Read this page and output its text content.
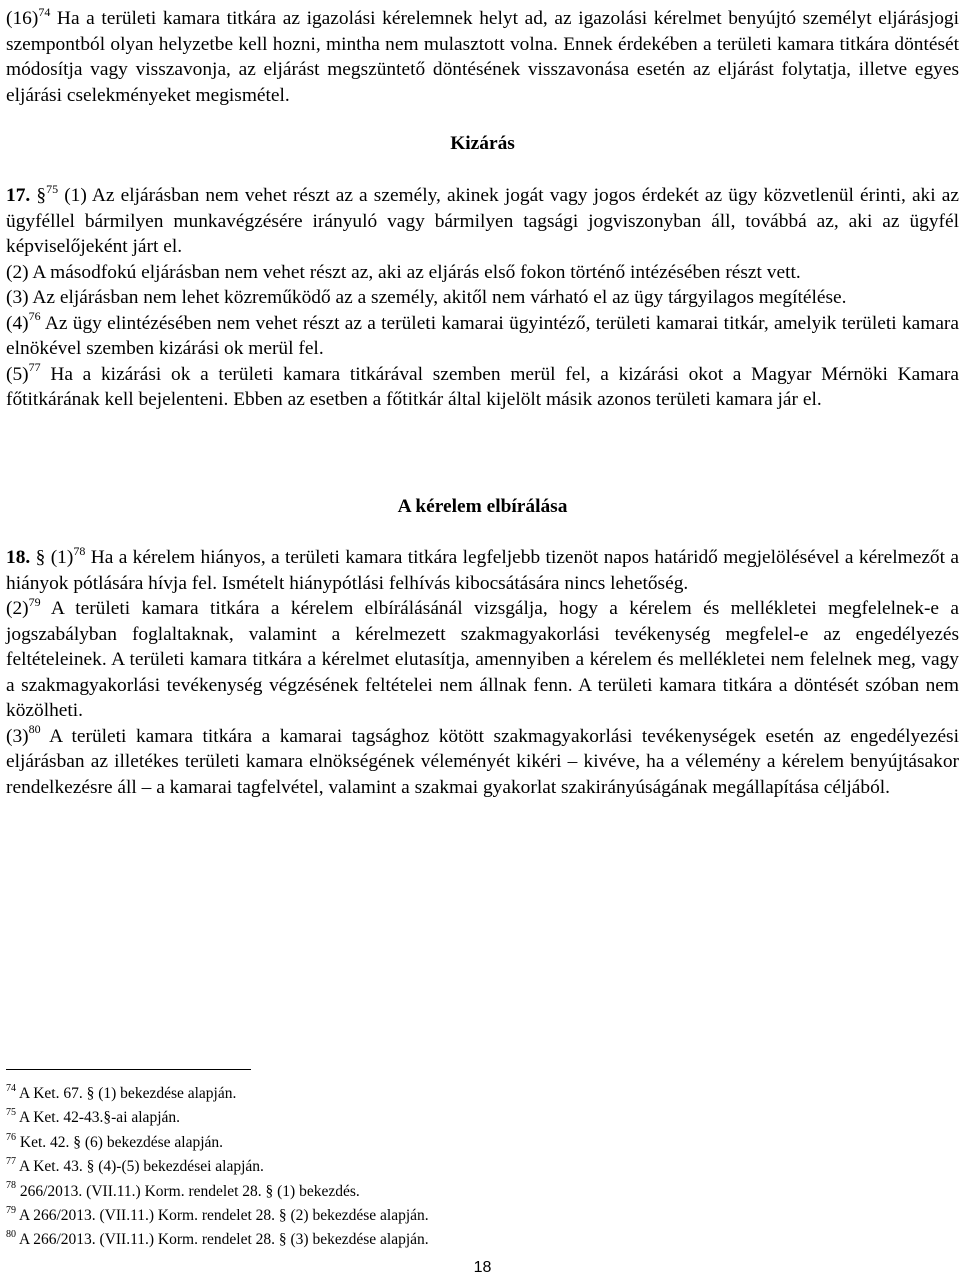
$(16)^{74}$ Ha a területi kamara titkára az igazolási kérelemnek helyt ad, az igazolási kérelmet benyújtó személyt eljárásjogi szempontból olyan helyzetbe kell hozni, mintha nem mulasztott volna. Ennek érdekében a területi kamara titkára döntését módosítja vagy visszavonja, az eljárást megszüntető döntésének visszavonása esetén az eljárást folytatja, illetve egyes eljárási cselekményeket megismétel.

Kizárás

17. §$^{75}$ (1) Az eljárásban nem vehet részt az a személy, akinek jogát vagy jogos érdekét az ügy közvetlenül érinti, aki az ügyféllel bármilyen munkavégzésére irányuló vagy bármilyen tagsági jogviszonyban áll, továbbá az, aki az ügyfél képviselőjeként járt el.

(2) A másodfokú eljárásban nem vehet részt az, aki az eljárás első fokon történő intézésében részt vett.

(3) Az eljárásban nem lehet közreműködő az a személy, akitől nem várható el az ügy tárgyilagos megítélése.

$(4)^{76}$ Az ügy elintézésében nem vehet részt az a területi kamarai ügyintéző, területi kamarai titkár, amelyik területi kamara elnökével szemben kizárási ok merül fel.

$(5)^{77}$ Ha a kizárási ok a területi kamara titkárával szemben merül fel, a kizárási okot a Magyar Mérnöki Kamara főtitkárának kell bejelenteni. Ebben az esetben a főtitkár által kijelölt másik azonos területi kamara jár el.

A kérelem elbírálása

18. § $(1)^{78}$ Ha a kérelem hiányos, a területi kamara titkára legfeljebb tizenöt napos határidő megjelölésével a kérelmezőt a hiányok pótlására hívja fel. Ismételt hiánypótlási felhívás kibocsátására nincs lehetőség.

$(2)^{79}$ A területi kamara titkára a kérelem elbírálásánál vizsgálja, hogy a kérelem és mellékletei megfelelnek-e a jogszabályban foglaltaknak, valamint a kérelmezett szakmagyakorlási tevékenység megfelel-e az engedélyezés feltételeinek. A területi kamara titkára a kérelmet elutasítja, amennyiben a kérelem és mellékletei nem felelnek meg, vagy a szakmagyakorlási tevékenység végzésének feltételei nem állnak fenn. A területi kamara titkára a döntését szóban nem közölheti.

$(3)^{80}$ A területi kamara titkára a kamarai tagsághoz kötött szakmagyakorlási tevékenységek esetén az engedélyezési eljárásban az illetékes területi kamara elnökségének véleményét kikéri – kivéve, ha a vélemény a kérelem benyújtásakor rendelkezésre áll – a kamarai tagfelvétel, valamint a szakmai gyakorlat szakirányúságának megállapítása céljából.

$^{74}$ A Ket. 67. § (1) bekezdése alapján.

$^{75}$ A Ket. 42-43.§-ai alapján.

$^{76}$ Ket. 42. § (6) bekezdése alapján.

$^{77}$ A Ket. 43. § (4)-(5) bekezdései alapján.

$^{78}$ 266/2013. (VII.11.) Korm. rendelet 28. § (1) bekezdés.

$^{79}$ A 266/2013. (VII.11.) Korm. rendelet 28. § (2) bekezdése alapján.

$^{80}$ A 266/2013. (VII.11.) Korm. rendelet 28. § (3) bekezdése alapján.

18
